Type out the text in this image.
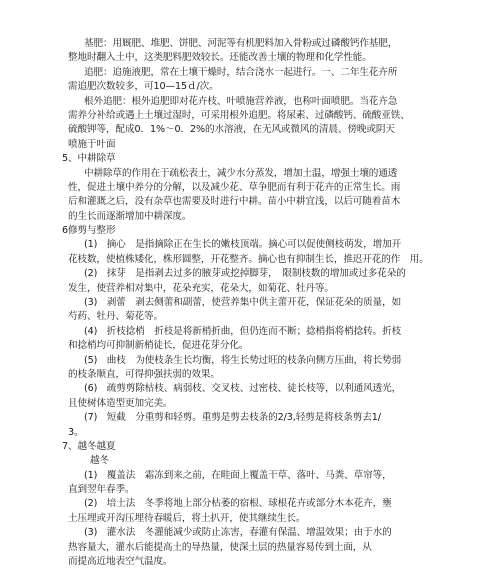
基肥：用厩肥、堆肥、饼肥、河泥等有机肥料加入骨粉或过磷酸钙作基肥，
整地时翻入土中，这类肥料肥效较长。还能改善土壤的物理和化学性能。
追肥：追施液肥，常在土壤干燥时，结合浇水一起进行。一、二年生花卉所
需追肥次数较多，可10—15ｄ/次。
根外追肥：根外追肥即对花卉枝、叶喷施营养液，也称叶面喷肥。当花卉急
需养分补给或遇上土壤过湿时，可采用根外追肥。将尿素、过磷酸钙、硫酸亚铁、
硫酸钾等，配成0．1%～0．2%的水溶液，在无风或微风的清晨、傍晚或阴天
喷施于叶面
5、中耕除草
中耕除草的作用在于疏松表土，减少水分蒸发，增加土温，增强土壤的通透
性，促进土壤中养分的分解，以及减少花、草争肥而有利于花卉的正常生长。雨
后和灌溉之后，没有杂草也需要及时进行中耕。苗小中耕宜浅，以后可随着苗木
的生长而逐渐增加中耕深度。
6修剪与整形
(1)　摘心　是指摘除正在生长的嫩枝顶端。摘心可以促使侧枝萌发，增加开
花枝数，使植株矮化，株形圆整，开花整齐。摘心也有抑制生长，推迟开花的作　用。
(2)　抹芽　是指剥去过多的腋芽或挖掉脚芽，　限制枝数的增加或过多花朵的
发生，使营养相对集中，花朵充实，花朵大，如菊花、牡丹等。
(3)　剥蕾　剥去侧蕾和副蕾，使营养集中供主蕾开花，保证花朵的质量，如
芍药、牡丹、菊花等。
(4)　折枝捻梢　折枝是将新梢折曲，但仍连而不断；捻梢指将梢捻转。折枝
和捻梢均可抑制新梢徒长，促进花芽分化。
(5)　曲枝　为使枝条生长均衡，将生长势过旺的枝条向侧方压曲，将长势弱
的枝条顺直，可得抑强扶弱的效果。
(6)　疏剪剪除枯枝、病弱枝、交叉枝、过密枝、徒长枝等，以利通风透光，
且使树体造型更加完美。
(7)　短截　分重剪和轻剪。重剪是剪去枝条的2/3,轻剪是将枝条剪去1/
3。
7、越冬越夏
越冬
(1)　覆盖法　霜冻到来之前，在畦面上覆盖干草、落叶、马粪、草帘等，
直到翌年春季。
(2)　培土法　冬季将地上部分枯萎的宿根、球根花卉或部分木本花卉，壅
土压埋或开沟压埋待春暖后，将土扒开，使其继续生长。
(3)　灌水法　冬灌能减少或防止冻害，春灌有保温、增温效果；由于水的
热容量大，灌水后能提高土的导热量，使深土层的热量容易传到土面，从
而提高近地表空气温度。
